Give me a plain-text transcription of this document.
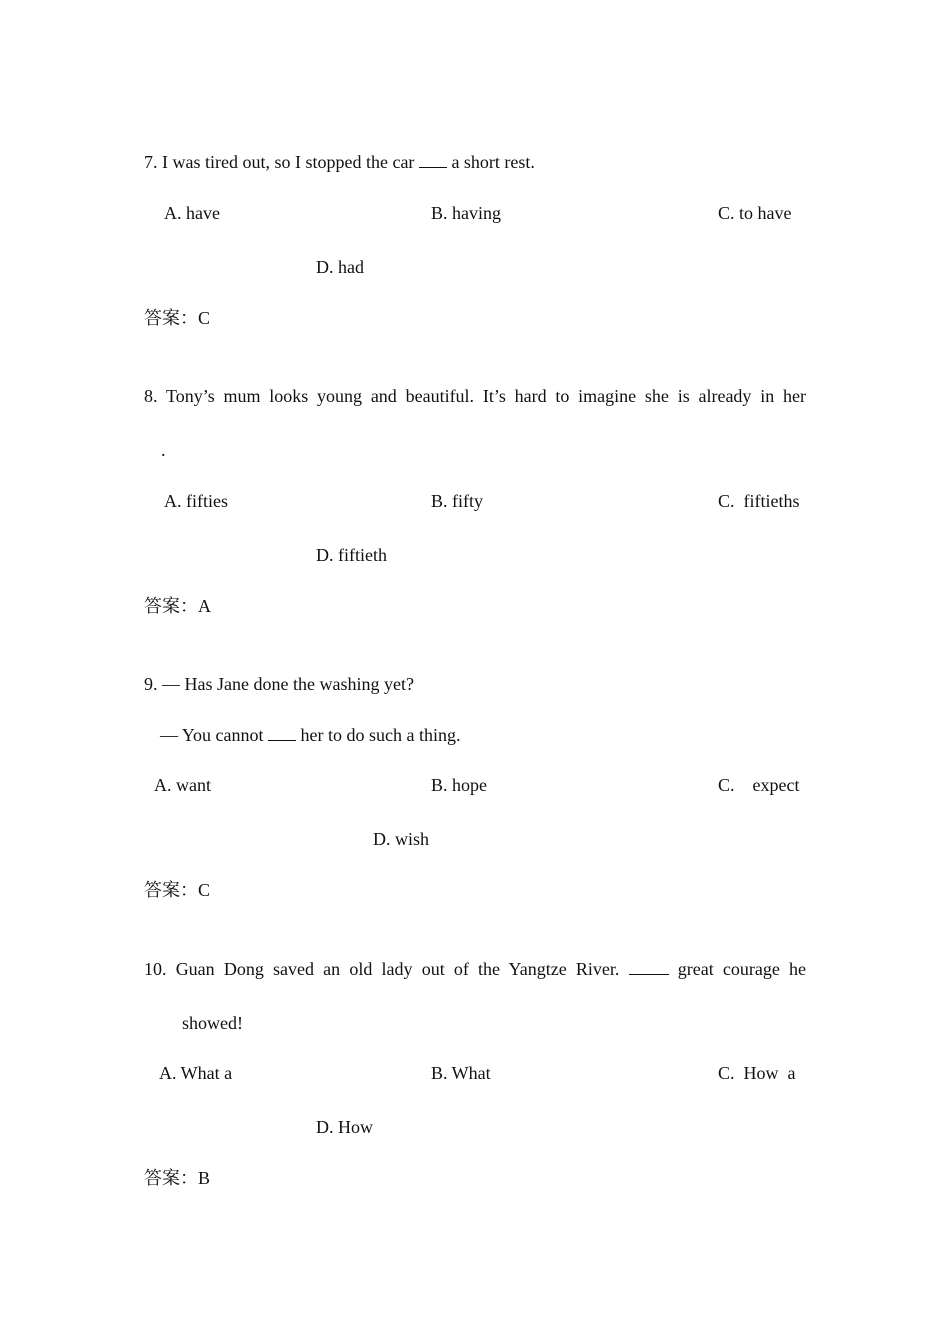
7. I was tired out, so I stopped the car a short rest.
A. have	B. having	C. to have
D. had
答案：C
8. Tony’s mum looks young and beautiful. It’s hard to imagine she is already in her
.
A. fifties	B. fifty	C.  fiftieths
D. fiftieth
答案：A
9. — Has Jane done the washing yet?
— You cannot her to do such a thing.
A. want	B. hope	C.    expect
D. wish
答案：C
10. Guan Dong saved an old lady out of the Yangtze River.	great courage he
showed!
A. What a	B. What	C.  How  a
D. How
答案：B
